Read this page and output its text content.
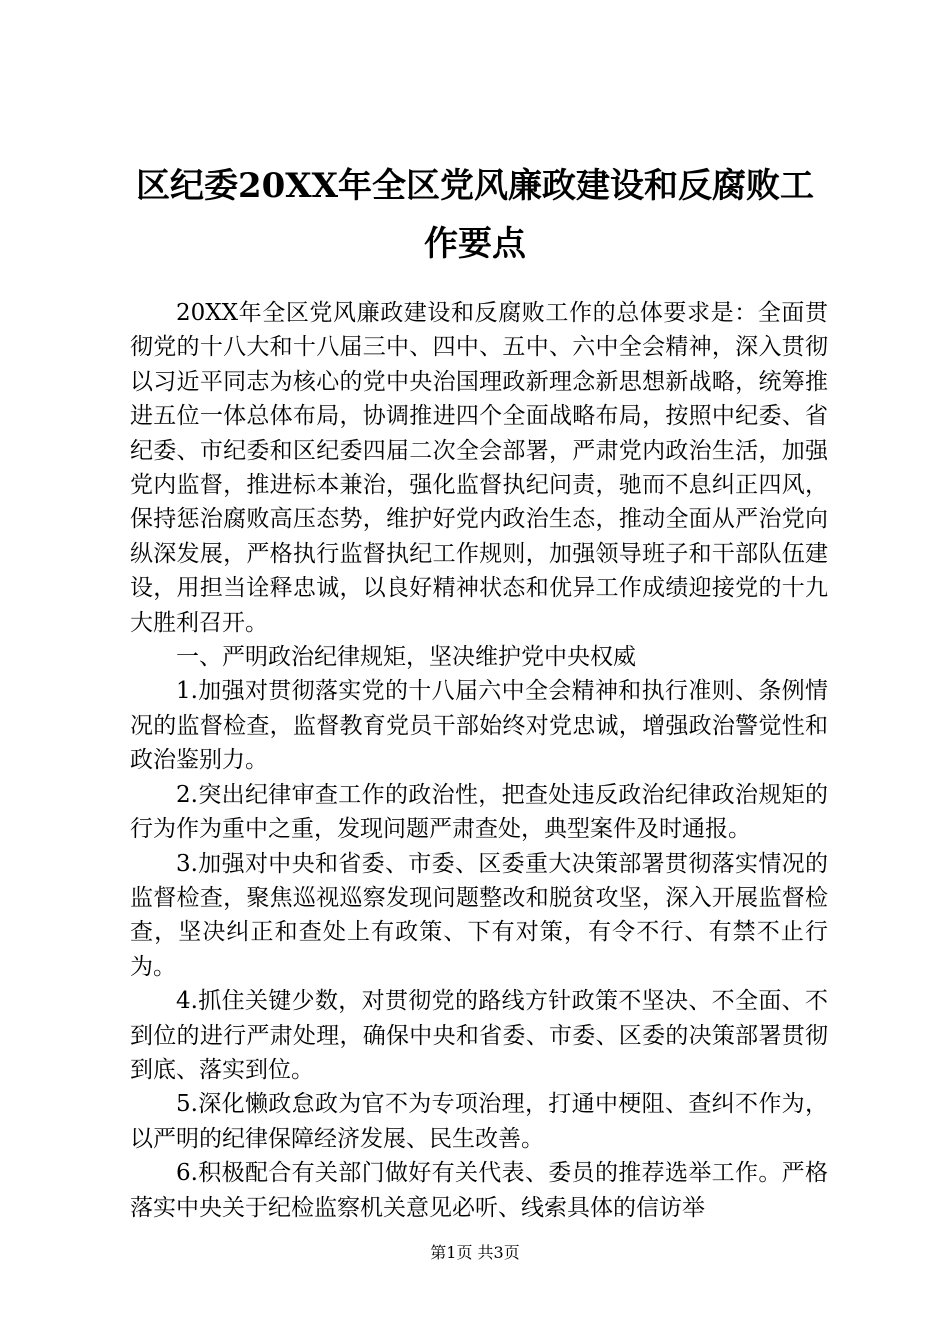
区纪委20XX年全区党风廉政建设和反腐败工
作要点

20XX年全区党风廉政建设和反腐败工作的总体要求是：全面贯彻党的十八大和十八届三中、四中、五中、六中全会精神，深入贯彻以习近平同志为核心的党中央治国理政新理念新思想新战略，统筹推进五位一体总体布局，协调推进四个全面战略布局，按照中纪委、省纪委、市纪委和区纪委四届二次全会部署，严肃党内政治生活，加强党内监督，推进标本兼治，强化监督执纪问责，驰而不息纠正四风，保持惩治腐败高压态势，维护好党内政治生态，推动全面从严治党向纵深发展，严格执行监督执纪工作规则，加强领导班子和干部队伍建设，用担当诠释忠诚，以良好精神状态和优异工作成绩迎接党的十九大胜利召开。

一、严明政治纪律规矩，坚决维护党中央权威

1.加强对贯彻落实党的十八届六中全会精神和执行准则、条例情况的监督检查，监督教育党员干部始终对党忠诚，增强政治警觉性和政治鉴别力。

2.突出纪律审查工作的政治性，把查处违反政治纪律政治规矩的行为作为重中之重，发现问题严肃查处，典型案件及时通报。

3.加强对中央和省委、市委、区委重大决策部署贯彻落实情况的监督检查，聚焦巡视巡察发现问题整改和脱贫攻坚，深入开展监督检查，坚决纠正和查处上有政策、下有对策，有令不行、有禁不止行为。

4.抓住关键少数，对贯彻党的路线方针政策不坚决、不全面、不到位的进行严肃处理，确保中央和省委、市委、区委的决策部署贯彻到底、落实到位。

5.深化懒政怠政为官不为专项治理，打通中梗阻、查纠不作为，以严明的纪律保障经济发展、民生改善。

6.积极配合有关部门做好有关代表、委员的推荐选举工作。严格落实中央关于纪检监察机关意见必听、线索具体的信访举

第1页 共3页
